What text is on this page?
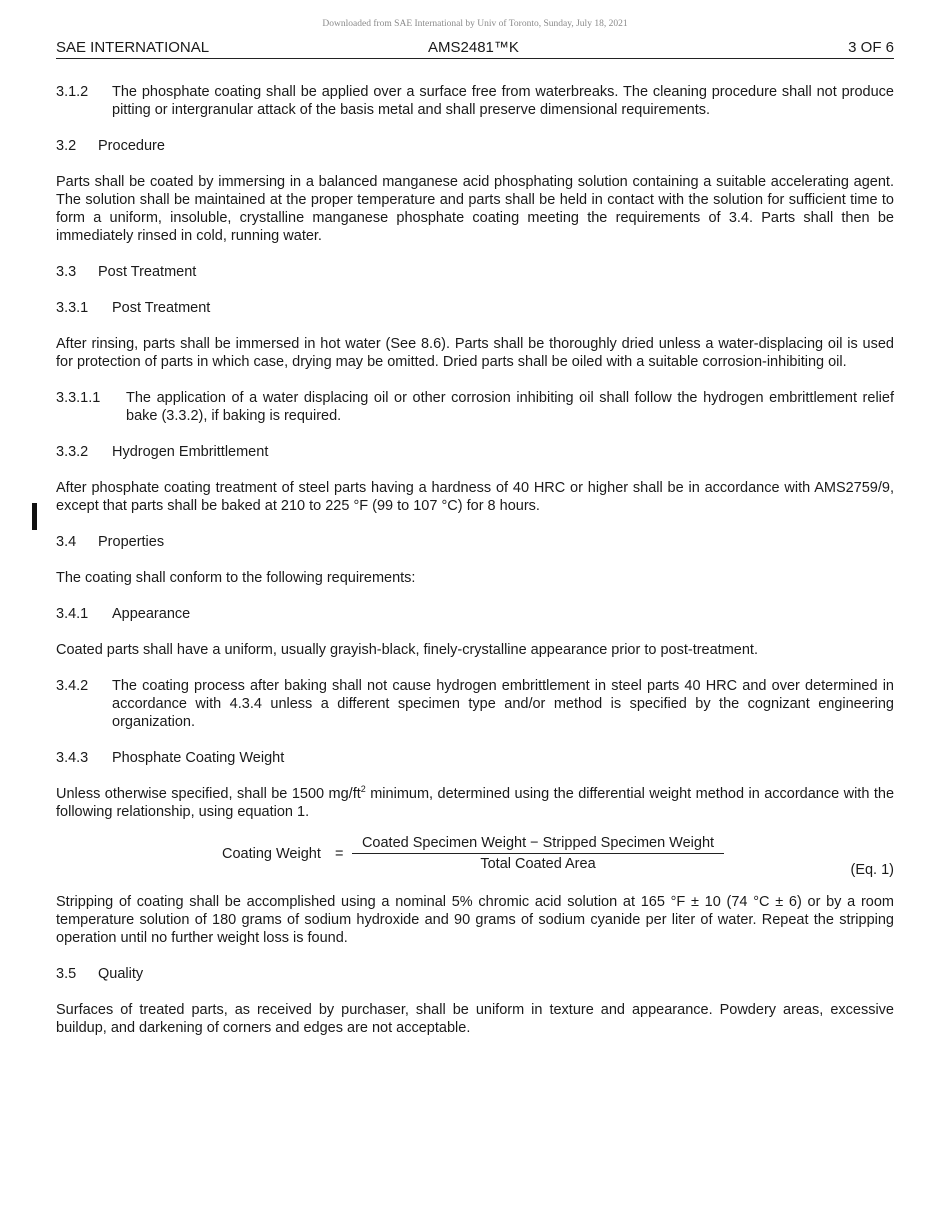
Downloaded from SAE International by Univ of Toronto, Sunday, July 18, 2021
SAE INTERNATIONAL	AMS2481™K	3 OF 6
3.1.2	The phosphate coating shall be applied over a surface free from waterbreaks. The cleaning procedure shall not produce pitting or intergranular attack of the basis metal and shall preserve dimensional requirements.
3.2	Procedure

Parts shall be coated by immersing in a balanced manganese acid phosphating solution containing a suitable accelerating agent. The solution shall be maintained at the proper temperature and parts shall be held in contact with the solution for sufficient time to form a uniform, insoluble, crystalline manganese phosphate coating meeting the requirements of 3.4. Parts shall then be immediately rinsed in cold, running water.

3.3	Post Treatment
3.3.1	Post Treatment

After rinsing, parts shall be immersed in hot water (See 8.6). Parts shall be thoroughly dried unless a water-displacing oil is used for protection of parts in which case, drying may be omitted. Dried parts shall be oiled with a suitable corrosion-inhibiting oil.

3.3.1.1	The application of a water displacing oil or other corrosion inhibiting oil shall follow the hydrogen embrittlement relief bake (3.3.2), if baking is required.
3.3.2	Hydrogen Embrittlement

After phosphate coating treatment of steel parts having a hardness of 40 HRC or higher shall be in accordance with AMS2759/9, except that parts shall be baked at 210 to 225 °F (99 to 107 °C) for 8 hours.

3.4	Properties

The coating shall conform to the following requirements:

3.4.1	Appearance

Coated parts shall have a uniform, usually grayish-black, finely-crystalline appearance prior to post-treatment.

3.4.2	The coating process after baking shall not cause hydrogen embrittlement in steel parts 40 HRC and over determined in accordance with 4.3.4 unless a different specimen type and/or method is specified by the cognizant engineering organization.
3.4.3	Phosphate Coating Weight

Unless otherwise specified, shall be 1500 $mg/ft^2$ minimum, determined using the differential weight method in accordance with the following relationship, using equation 1.

Coating Weight =
Coated Specimen Weight − Stripped Specimen Weight
Total Coated Area	(Eq. 1)

Stripping of coating shall be accomplished using a nominal 5% chromic acid solution at 165 °F ± 10 (74 °C ± 6) or by a room temperature solution of 180 grams of sodium hydroxide and 90 grams of sodium cyanide per liter of water. Repeat the stripping operation until no further weight loss is found.

3.5	Quality

Surfaces of treated parts, as received by purchaser, shall be uniform in texture and appearance. Powdery areas, excessive buildup, and darkening of corners and edges are not acceptable.
